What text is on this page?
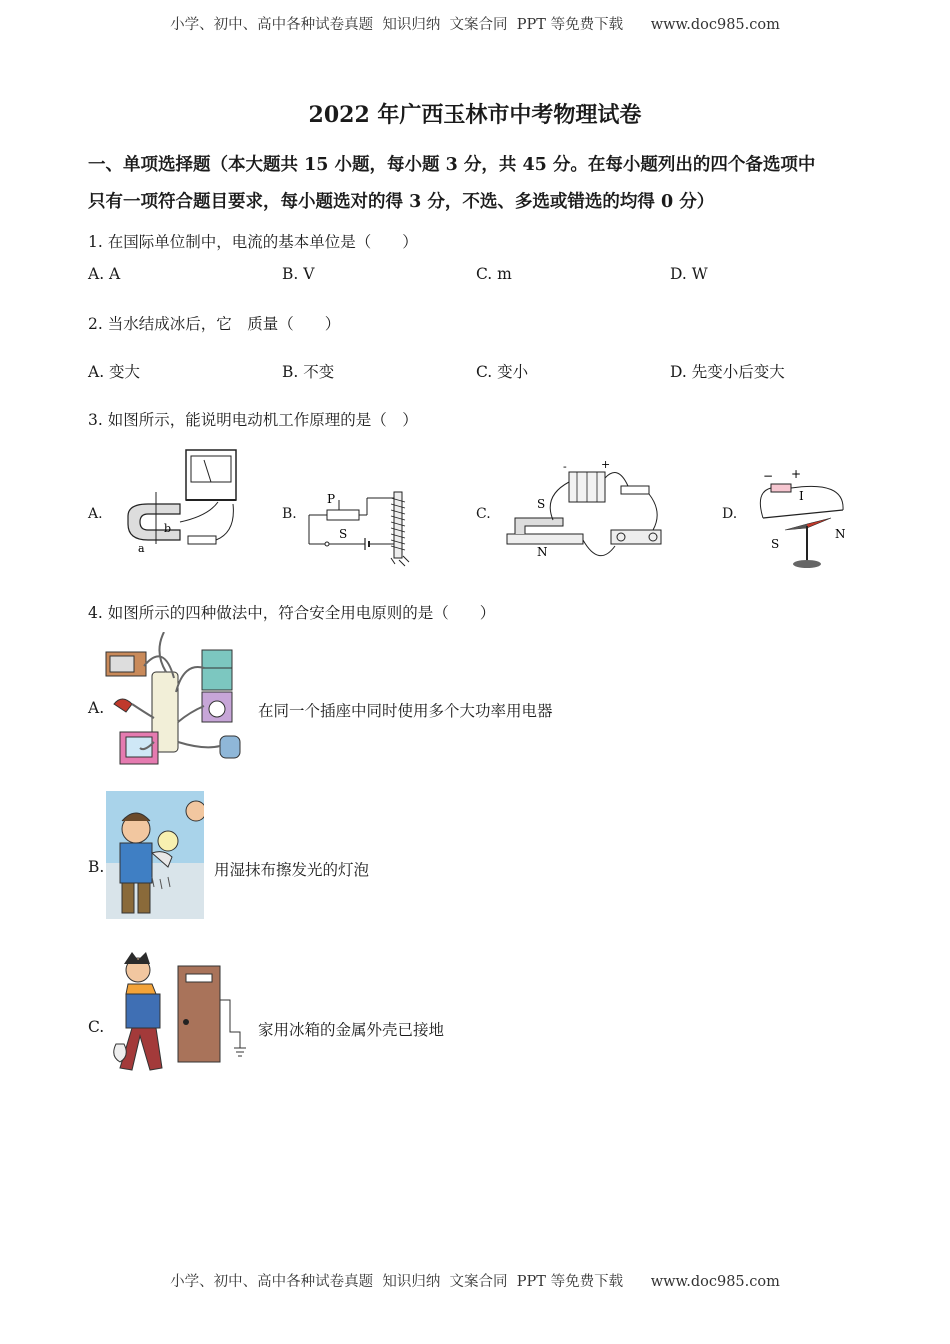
小学、初中、高中各种试卷真题  知识归纳  文案合同  PPT 等免费下载      www.doc985.com
2022 年广西玉林市中考物理试卷
一、单项选择题（本大题共 15 小题，每小题 3 分，共 45 分。在每小题列出的四个备选项中
只有一项符合题目要求，每小题选对的得 3 分，不选、多选或错选的均得 0 分）
1. 在国际单位制中，电流的基本单位是（　　）
A. A	B. V	C. m	D. W
2. 当水结成冰后，它　质量（　　）
A. 变大	B. 不变	C. 变小	D. 先变小后变大
3. 如图所示，能说明电动机工作原理的是（　）
A.	B.	C.	D.
a
b
P
S
-	+
S
N
− +
I
S
N
4. 如图所示的四种做法中，符合安全用电原则的是（　　）
A.	在同一个插座中同时使用多个大功率用电器
B.	用湿抹布擦发光的灯泡
C.	家用冰箱的金属外壳已接地
小学、初中、高中各种试卷真题  知识归纳  文案合同  PPT 等免费下载      www.doc985.com
